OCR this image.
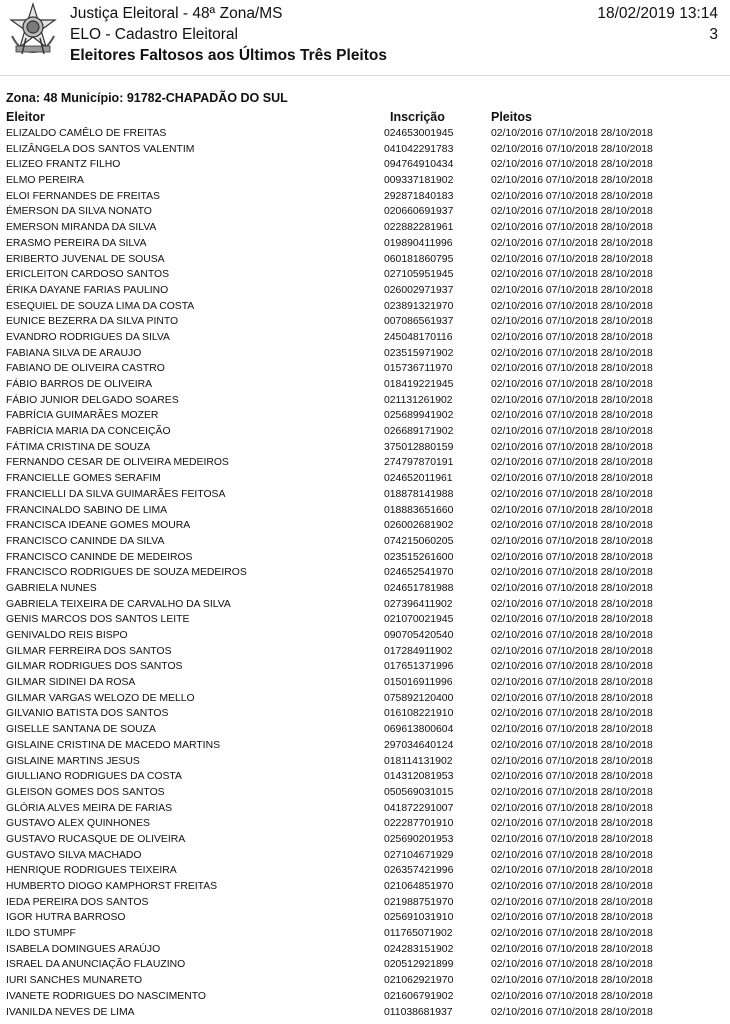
Justiça Eleitoral - 48ª Zona/MS
ELO - Cadastro Eleitoral
Eleitores Faltosos aos Últimos Três Pleitos
18/02/2019 13:14
3
Zona: 48 Município: 91782-CHAPADÃO DO SUL
Eleitor	Inscrição	Pleitos
ELIZALDO CAMÊLO DE FREITAS	024653001945	02/10/2016 07/10/2018 28/10/2018
ELIZÂNGELA DOS SANTOS VALENTIM	041042291783	02/10/2016 07/10/2018 28/10/2018
ELIZEO FRANTZ FILHO	094764910434	02/10/2016 07/10/2018 28/10/2018
ELMO PEREIRA	009337181902	02/10/2016 07/10/2018 28/10/2018
ELOI FERNANDES DE FREITAS	292871840183	02/10/2016 07/10/2018 28/10/2018
ÉMERSON DA SILVA NONATO	020660691937	02/10/2016 07/10/2018 28/10/2018
EMERSON MIRANDA DA SILVA	022882281961	02/10/2016 07/10/2018 28/10/2018
ERASMO PEREIRA DA SILVA	019890411996	02/10/2016 07/10/2018 28/10/2018
ERIBERTO JUVENAL DE SOUSA	060181860795	02/10/2016 07/10/2018 28/10/2018
ERICLEITON CARDOSO SANTOS	027105951945	02/10/2016 07/10/2018 28/10/2018
ÉRIKA DAYANE FARIAS PAULINO	026002971937	02/10/2016 07/10/2018 28/10/2018
ESEQUIEL DE SOUZA LIMA DA COSTA	023891321970	02/10/2016 07/10/2018 28/10/2018
EUNICE BEZERRA DA SILVA PINTO	007086561937	02/10/2016 07/10/2018 28/10/2018
EVANDRO RODRIGUES DA SILVA	245048170116	02/10/2016 07/10/2018 28/10/2018
FABIANA SILVA DE ARAUJO	023515971902	02/10/2016 07/10/2018 28/10/2018
FABIANO DE OLIVEIRA CASTRO	015736711970	02/10/2016 07/10/2018 28/10/2018
FÁBIO BARROS DE OLIVEIRA	018419221945	02/10/2016 07/10/2018 28/10/2018
FÁBIO JUNIOR DELGADO SOARES	021131261902	02/10/2016 07/10/2018 28/10/2018
FABRÍCIA GUIMARÃES MOZER	025689941902	02/10/2016 07/10/2018 28/10/2018
FABRÍCIA MARIA DA CONCEIÇÃO	026689171902	02/10/2016 07/10/2018 28/10/2018
FÁTIMA CRISTINA DE SOUZA	375012880159	02/10/2016 07/10/2018 28/10/2018
FERNANDO CESAR DE OLIVEIRA MEDEIROS	274797870191	02/10/2016 07/10/2018 28/10/2018
FRANCIELLE GOMES SERAFIM	024652011961	02/10/2016 07/10/2018 28/10/2018
FRANCIELLI DA SILVA GUIMARÃES FEITOSA	018878141988	02/10/2016 07/10/2018 28/10/2018
FRANCINALDO SABINO DE LIMA	018883651660	02/10/2016 07/10/2018 28/10/2018
FRANCISCA IDEANE GOMES MOURA	026002681902	02/10/2016 07/10/2018 28/10/2018
FRANCISCO CANINDE DA SILVA	074215060205	02/10/2016 07/10/2018 28/10/2018
FRANCISCO CANINDE DE MEDEIROS	023515261600	02/10/2016 07/10/2018 28/10/2018
FRANCISCO RODRIGUES DE SOUZA MEDEIROS	024652541970	02/10/2016 07/10/2018 28/10/2018
GABRIELA NUNES	024651781988	02/10/2016 07/10/2018 28/10/2018
GABRIELA TEIXEIRA DE CARVALHO DA SILVA	027396411902	02/10/2016 07/10/2018 28/10/2018
GENIS MARCOS DOS SANTOS LEITE	021070021945	02/10/2016 07/10/2018 28/10/2018
GENIVALDO REIS BISPO	090705420540	02/10/2016 07/10/2018 28/10/2018
GILMAR FERREIRA DOS SANTOS	017284911902	02/10/2016 07/10/2018 28/10/2018
GILMAR RODRIGUES DOS SANTOS	017651371996	02/10/2016 07/10/2018 28/10/2018
GILMAR SIDINEI DA ROSA	015016911996	02/10/2016 07/10/2018 28/10/2018
GILMAR VARGAS WELOZO DE MELLO	075892120400	02/10/2016 07/10/2018 28/10/2018
GILVANIO BATISTA DOS SANTOS	016108221910	02/10/2016 07/10/2018 28/10/2018
GISELLE SANTANA DE SOUZA	069613800604	02/10/2016 07/10/2018 28/10/2018
GISLAINE CRISTINA DE MACEDO MARTINS	297034640124	02/10/2016 07/10/2018 28/10/2018
GISLAINE MARTINS JESUS	018114131902	02/10/2016 07/10/2018 28/10/2018
GIULLIANO RODRIGUES DA COSTA	014312081953	02/10/2016 07/10/2018 28/10/2018
GLEISON GOMES DOS SANTOS	050569031015	02/10/2016 07/10/2018 28/10/2018
GLÓRIA ALVES MEIRA DE FARIAS	041872291007	02/10/2016 07/10/2018 28/10/2018
GUSTAVO ALEX QUINHONES	022287701910	02/10/2016 07/10/2018 28/10/2018
GUSTAVO RUCASQUE DE OLIVEIRA	025690201953	02/10/2016 07/10/2018 28/10/2018
GUSTAVO SILVA MACHADO	027104671929	02/10/2016 07/10/2018 28/10/2018
HENRIQUE RODRIGUES TEIXEIRA	026357421996	02/10/2016 07/10/2018 28/10/2018
HUMBERTO DIOGO KAMPHORST FREITAS	021064851970	02/10/2016 07/10/2018 28/10/2018
IEDA PEREIRA DOS SANTOS	021988751970	02/10/2016 07/10/2018 28/10/2018
IGOR HUTRA BARROSO	025691031910	02/10/2016 07/10/2018 28/10/2018
ILDO STUMPF	011765071902	02/10/2016 07/10/2018 28/10/2018
ISABELA DOMINGUES ARAÚJO	024283151902	02/10/2016 07/10/2018 28/10/2018
ISRAEL DA ANUNCIAÇÃO FLAUZINO	020512921899	02/10/2016 07/10/2018 28/10/2018
IURI SANCHES MUNARETO	021062921970	02/10/2016 07/10/2018 28/10/2018
IVANETE RODRIGUES DO NASCIMENTO	021606791902	02/10/2016 07/10/2018 28/10/2018
IVANILDA NEVES DE LIMA	011038681937	02/10/2016 07/10/2018 28/10/2018
